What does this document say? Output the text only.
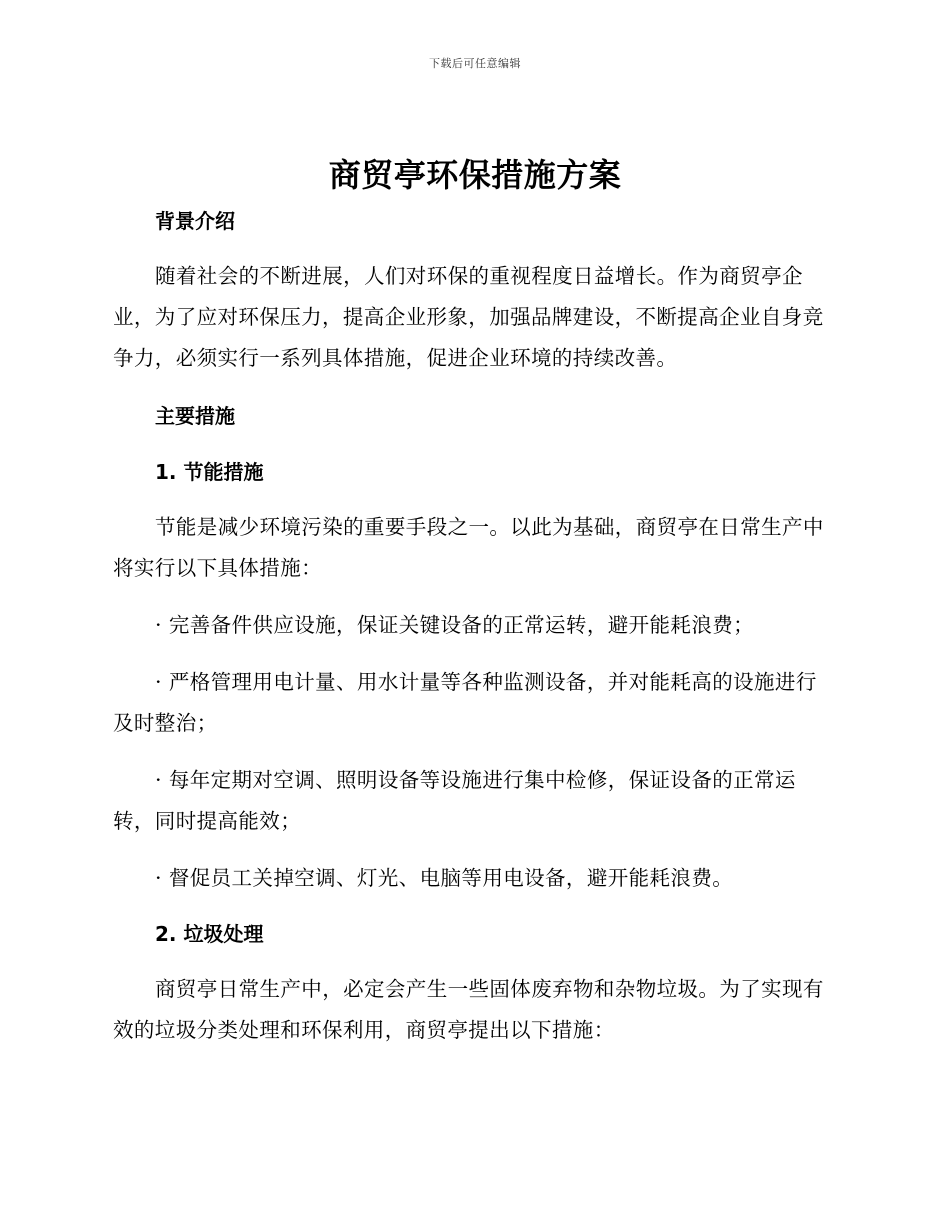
下载后可任意编辑
商贸亭环保措施方案

背景介绍

随着社会的不断进展，人们对环保的重视程度日益增长。作为商贸亭企业，为了应对环保压力，提高企业形象，加强品牌建设，不断提高企业自身竞争力，必须实行一系列具体措施，促进企业环境的持续改善。

主要措施

1. 节能措施

节能是减少环境污染的重要手段之一。以此为基础，商贸亭在日常生产中将实行以下具体措施：

· 完善备件供应设施，保证关键设备的正常运转，避开能耗浪费；

· 严格管理用电计量、用水计量等各种监测设备，并对能耗高的设施进行及时整治；

· 每年定期对空调、照明设备等设施进行集中检修，保证设备的正常运转，同时提高能效；

· 督促员工关掉空调、灯光、电脑等用电设备，避开能耗浪费。

2. 垃圾处理

商贸亭日常生产中，必定会产生一些固体废弃物和杂物垃圾。为了实现有效的垃圾分类处理和环保利用，商贸亭提出以下措施：
